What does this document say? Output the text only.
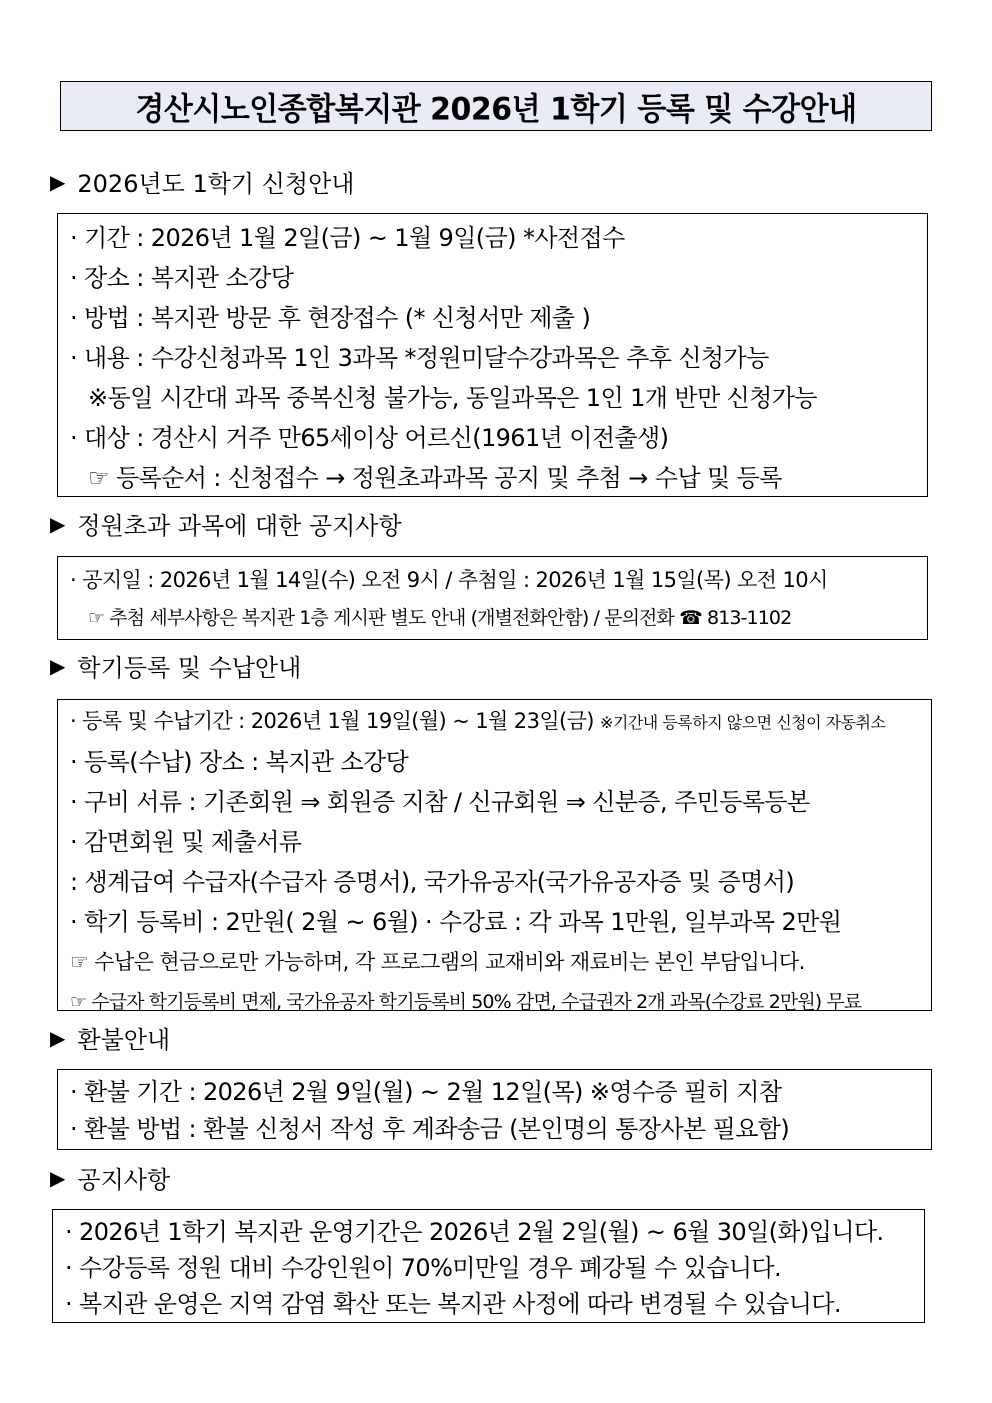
경산시노인종합복지관 2026년 1학기 등록 및 수강안내
▶ 2026년도 1학기 신청안내
· 기간 : 2026년 1월 2일(금) ~ 1월 9일(금) *사전접수
· 장소 : 복지관 소강당
· 방법 : 복지관 방문 후 현장접수 (* 신청서만 제출 )
· 내용 : 수강신청과목 1인 3과목 *정원미달수강과목은 추후 신청가능
※동일 시간대 과목 중복신청 불가능, 동일과목은 1인 1개 반만 신청가능
· 대상 : 경산시 거주 만65세이상 어르신(1961년 이전출생)
☞ 등록순서 : 신청접수 → 정원초과과목 공지 및 추첨 → 수납 및 등록
▶ 정원초과 과목에 대한 공지사항
· 공지일 : 2026년 1월 14일(수) 오전 9시 / 추첨일 : 2026년 1월 15일(목) 오전 10시
☞ 추첨 세부사항은 복지관 1층 게시판 별도 안내 (개별전화안함) / 문의전화 ☎ 813-1102
▶ 학기등록 및 수납안내
· 등록 및 수납기간 : 2026년 1월 19일(월) ~ 1월 23일(금) ※기간내 등록하지 않으면 신청이 자동취소
· 등록(수납) 장소 : 복지관 소강당
· 구비 서류 : 기존회원 ⇒ 회원증 지참 / 신규회원 ⇒ 신분증, 주민등록등본
· 감면회원 및 제출서류
: 생계급여 수급자(수급자 증명서), 국가유공자(국가유공자증 및 증명서)
· 학기 등록비 : 2만원( 2월 ~ 6월) · 수강료 : 각 과목 1만원, 일부과목 2만원
☞ 수납은 현금으로만 가능하며, 각 프로그램의 교재비와 재료비는 본인 부담입니다.
☞ 수급자 학기등록비 면제, 국가유공자 학기등록비 50% 감면, 수급권자 2개 과목(수강료 2만원) 무료
▶ 환불안내
· 환불 기간 : 2026년 2월 9일(월) ~ 2월 12일(목) ※영수증 필히 지참
· 환불 방법 : 환불 신청서 작성 후 계좌송금 (본인명의 통장사본 필요함)
▶ 공지사항
· 2026년 1학기 복지관 운영기간은 2026년 2월 2일(월) ~ 6월 30일(화)입니다.
· 수강등록 정원 대비 수강인원이 70%미만일 경우 폐강될 수 있습니다.
· 복지관 운영은 지역 감염 확산 또는 복지관 사정에 따라 변경될 수 있습니다.
